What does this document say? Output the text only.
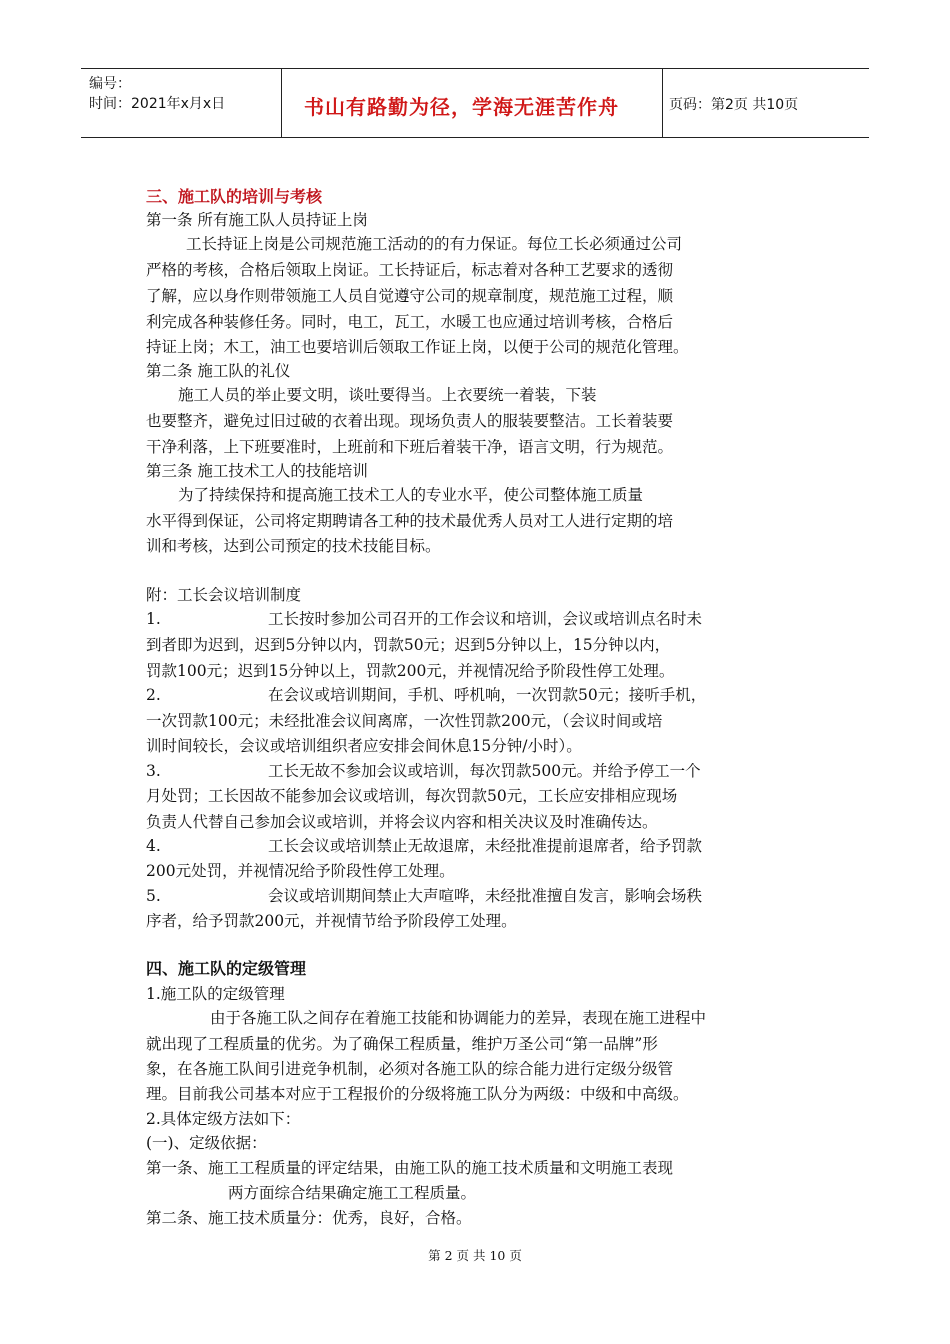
编号：
时间：2021年x月x日	书山有路勤为径，学海无涯苦作舟	页码：第2页 共10页
三、施工队的培训与考核
第一条 所有施工队人员持证上岗
工长持证上岗是公司规范施工活动的的有力保证。每位工长必须通过公司
严格的考核，合格后领取上岗证。工长持证后，标志着对各种工艺要求的透彻
了解，应以身作则带领施工人员自觉遵守公司的规章制度，规范施工过程，顺
利完成各种装修任务。同时，电工，瓦工，水暖工也应通过培训考核，合格后
持证上岗；木工，油工也要培训后领取工作证上岗，以便于公司的规范化管理。
第二条 施工队的礼仪
施工人员的举止要文明，谈吐要得当。上衣要统一着装，下装
也要整齐，避免过旧过破的衣着出现。现场负责人的服装要整洁。工长着装要
干净利落，上下班要准时，上班前和下班后着装干净，语言文明，行为规范。
第三条 施工技术工人的技能培训
为了持续保持和提高施工技术工人的专业水平，使公司整体施工质量
水平得到保证，公司将定期聘请各工种的技术最优秀人员对工人进行定期的培
训和考核，达到公司预定的技术技能目标。
附：工长会议培训制度
1.	工长按时参加公司召开的工作会议和培训，会议或培训点名时未
到者即为迟到，迟到5分钟以内，罚款50元；迟到5分钟以上，15分钟以内，
罚款100元；迟到15分钟以上，罚款200元，并视情况给予阶段性停工处理。
2.	在会议或培训期间，手机、呼机响，一次罚款50元；接听手机，
一次罚款100元；未经批准会议间离席，一次性罚款200元，（会议时间或培
训时间较长，会议或培训组织者应安排会间休息15分钟/小时）。
3.	工长无故不参加会议或培训，每次罚款500元。并给予停工一个
月处罚；工长因故不能参加会议或培训，每次罚款50元，工长应安排相应现场
负责人代替自己参加会议或培训，并将会议内容和相关决议及时准确传达。
4.	工长会议或培训禁止无故退席，未经批准提前退席者，给予罚款
200元处罚，并视情况给予阶段性停工处理。
5.	会议或培训期间禁止大声喧哗，未经批准擅自发言，影响会场秩
序者，给予罚款200元，并视情节给予阶段停工处理。
四、施工队的定级管理
1.施工队的定级管理
由于各施工队之间存在着施工技能和协调能力的差异，表现在施工进程中
就出现了工程质量的优劣。为了确保工程质量，维护万圣公司“第一品牌”形
象，在各施工队间引进竞争机制，必须对各施工队的综合能力进行定级分级管
理。目前我公司基本对应于工程报价的分级将施工队分为两级：中级和中高级。
2.具体定级方法如下：
(一)、定级依据：
第一条、施工工程质量的评定结果，由施工队的施工技术质量和文明施工表现
两方面综合结果确定施工工程质量。
第二条、施工技术质量分：优秀，良好，合格。
第 2 页 共 10 页
